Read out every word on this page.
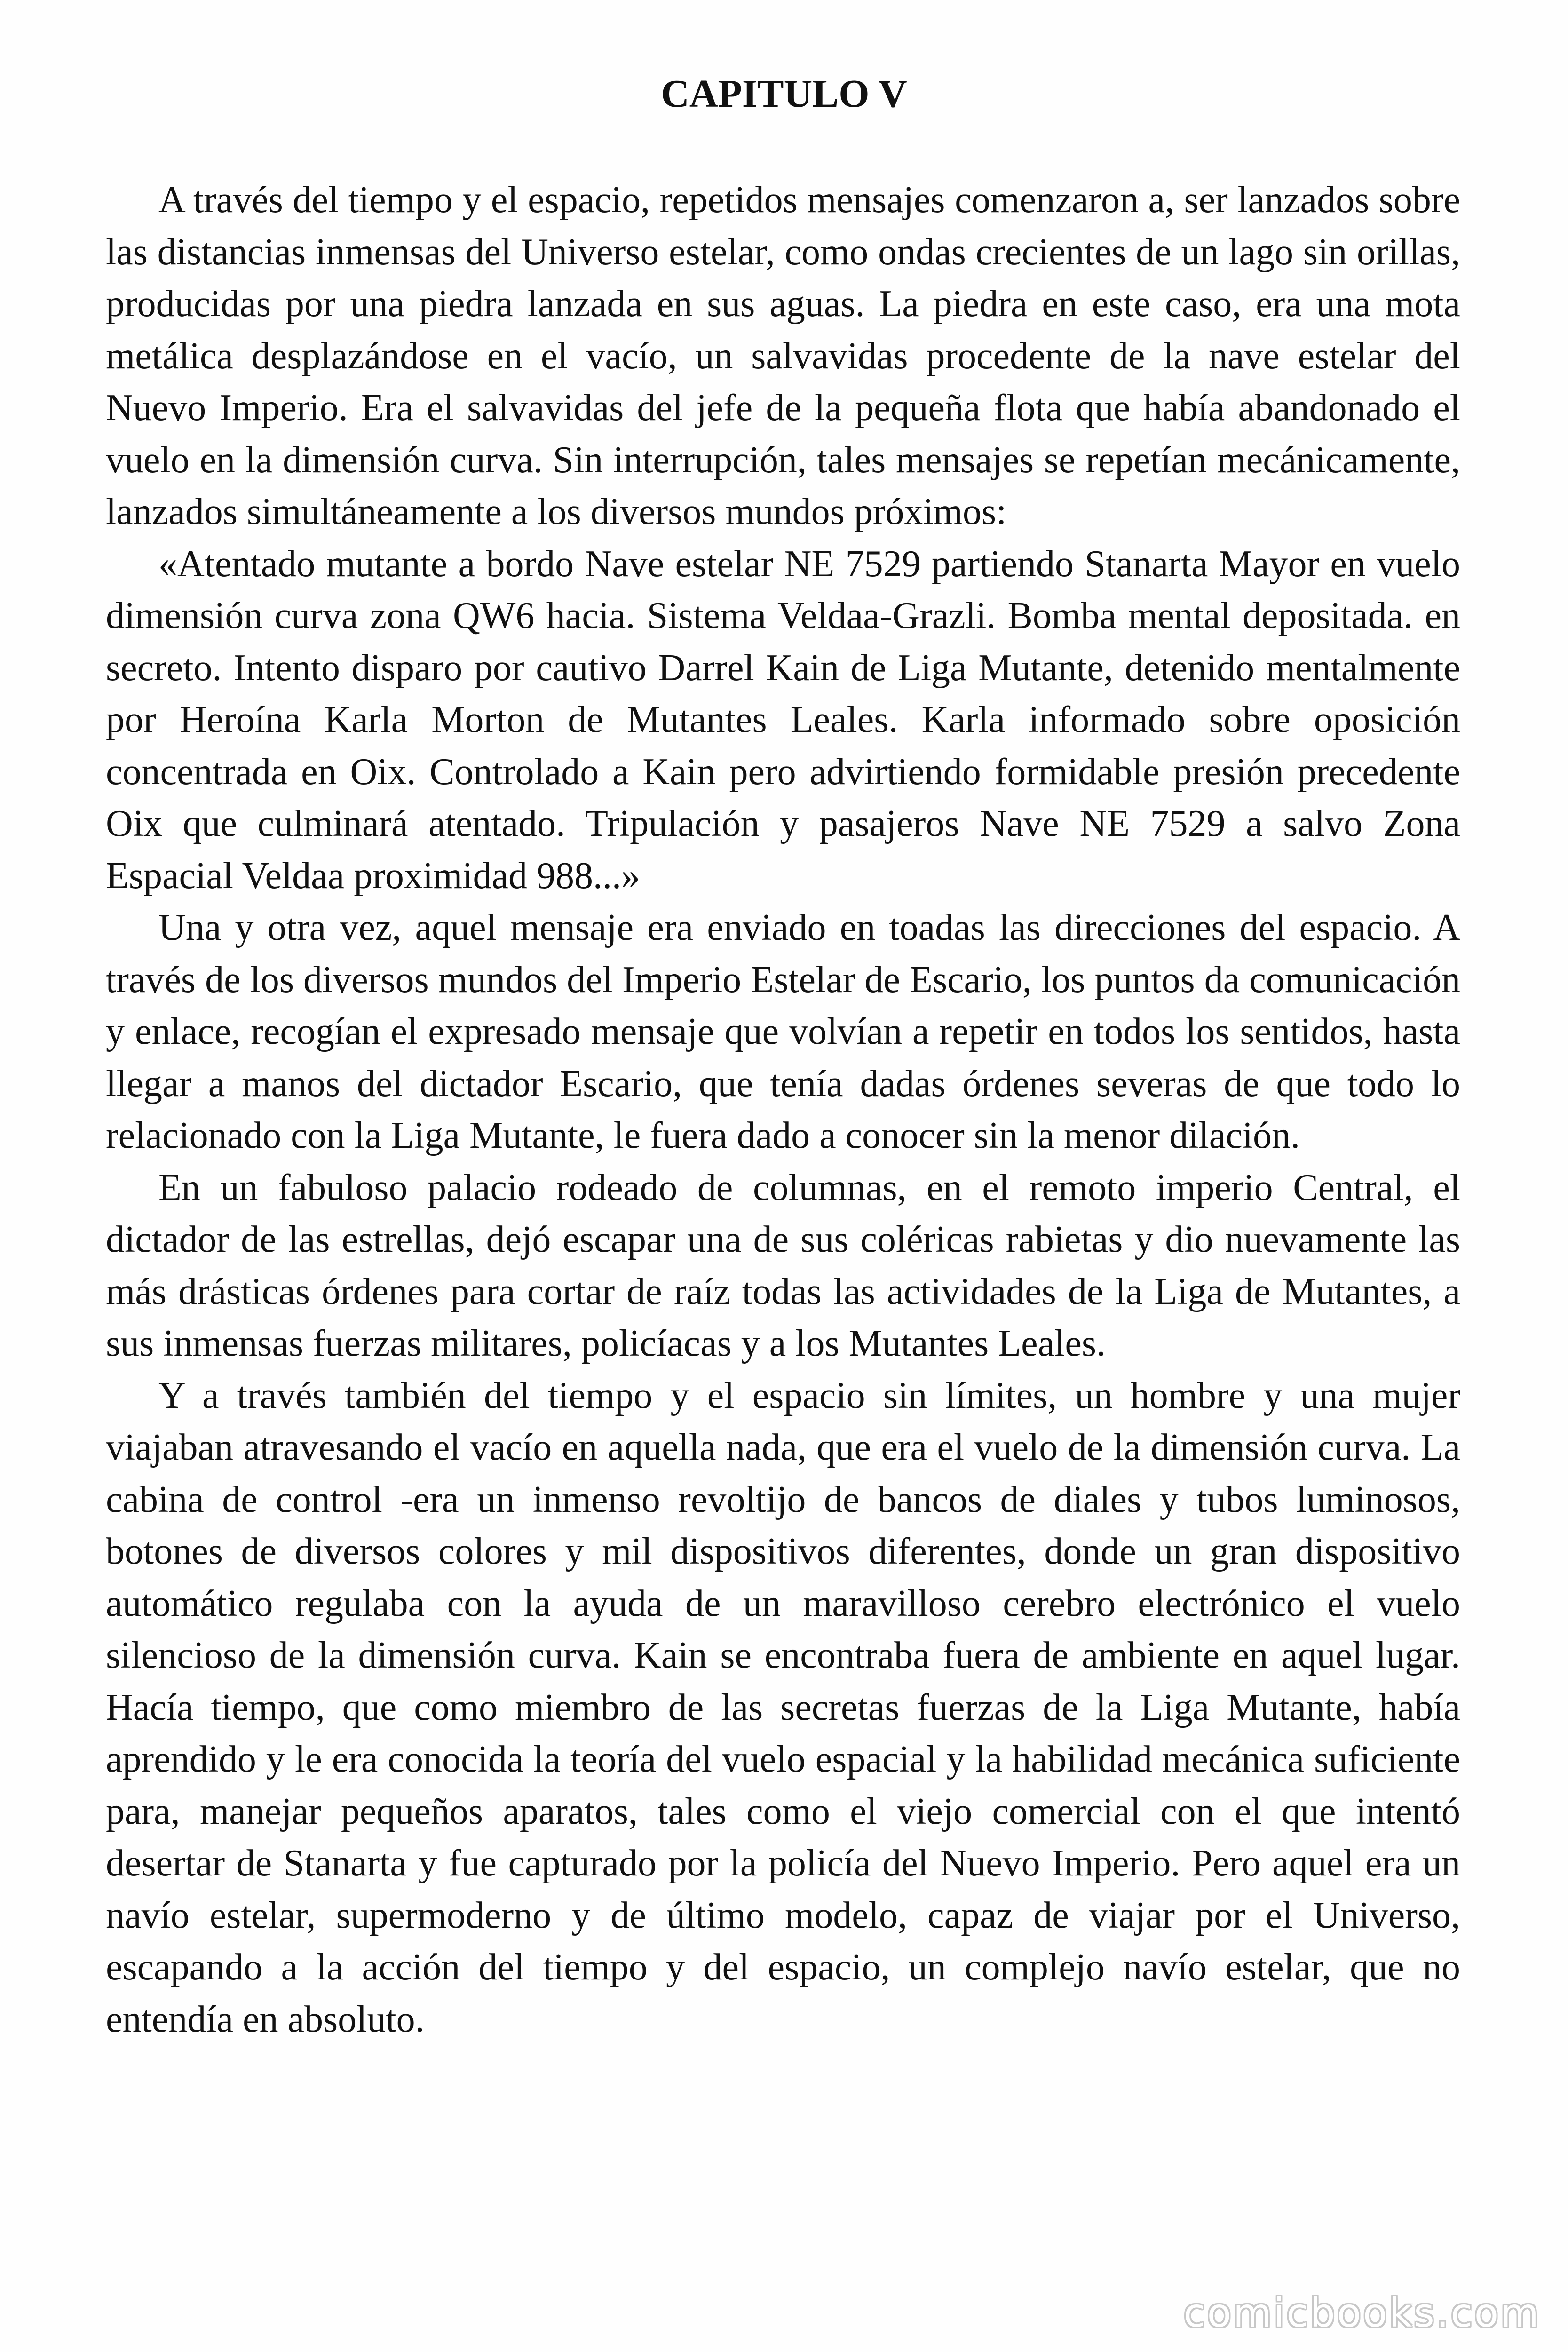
CAPITULO V

A través del tiempo y el espacio, repetidos mensajes comenzaron a, ser lanzados sobre las distancias inmensas del Universo estelar, como ondas crecientes de un lago sin orillas, producidas por una piedra lanzada en sus aguas. La piedra en este caso, era una mota metálica desplazándose en el vacío, un salvavidas procedente de la nave estelar del Nuevo Imperio. Era el salvavidas del jefe de la pequeña flota que había abandonado el vuelo en la dimensión curva. Sin interrupción, tales mensajes se repetían mecánicamente, lanzados simultáneamente a los diversos mundos próximos:

«Atentado mutante a bordo Nave estelar NE 7529 partiendo Stanarta Mayor en vuelo dimensión curva zona QW6 hacia. Sistema Veldaa-Grazli. Bomba mental depositada. en secreto. Intento disparo por cautivo Darrel Kain de Liga Mutante, detenido mentalmente por Heroína Karla Morton de Mutantes Leales. Karla informado sobre oposición concentrada en Oix. Controlado a Kain pero advirtiendo formidable presión precedente Oix que culminará atentado. Tripulación y pasajeros Nave NE 7529 a salvo Zona Espacial Veldaa proximidad 988...»

Una y otra vez, aquel mensaje era enviado en toadas las direcciones del espacio. A través de los diversos mundos del Imperio Estelar de Escario, los puntos da comunicación y enlace, recogían el expresado mensaje que volvían a repetir en todos los sentidos, hasta llegar a manos del dictador Escario, que tenía dadas órdenes severas de que todo lo relacionado con la Liga Mutante, le fuera dado a conocer sin la menor dilación.

En un fabuloso palacio rodeado de columnas, en el remoto imperio Central, el dictador de las estrellas, dejó escapar una de sus coléricas rabietas y dio nuevamente las más drásticas órdenes para cortar de raíz todas las actividades de la Liga de Mutantes, a sus inmensas fuerzas militares, policíacas y a los Mutantes Leales.

Y a través también del tiempo y el espacio sin límites, un hombre y una mujer viajaban atravesando el vacío en aquella nada, que era el vuelo de la dimensión curva. La cabina de control -era un inmenso revoltijo de bancos de diales y tubos luminosos, botones de diversos colores y mil dispositivos diferentes, donde un gran dispositivo automático regulaba con la ayuda de un maravilloso cerebro electrónico el vuelo silencioso de la dimensión curva. Kain se encontraba fuera de ambiente en aquel lugar. Hacía tiempo, que como miembro de las secretas fuerzas de la Liga Mutante, había aprendido y le era conocida la teoría del vuelo espacial y la habilidad mecánica suficiente para, manejar pequeños aparatos, tales como el viejo comercial con el que intentó desertar de Stanarta y fue capturado por la policía del Nuevo Imperio. Pero aquel era un navío estelar, supermoderno y de último modelo, capaz de viajar por el Universo, escapando a la acción del tiempo y del espacio, un complejo navío estelar, que no entendía en absoluto.

comicbooks.com
